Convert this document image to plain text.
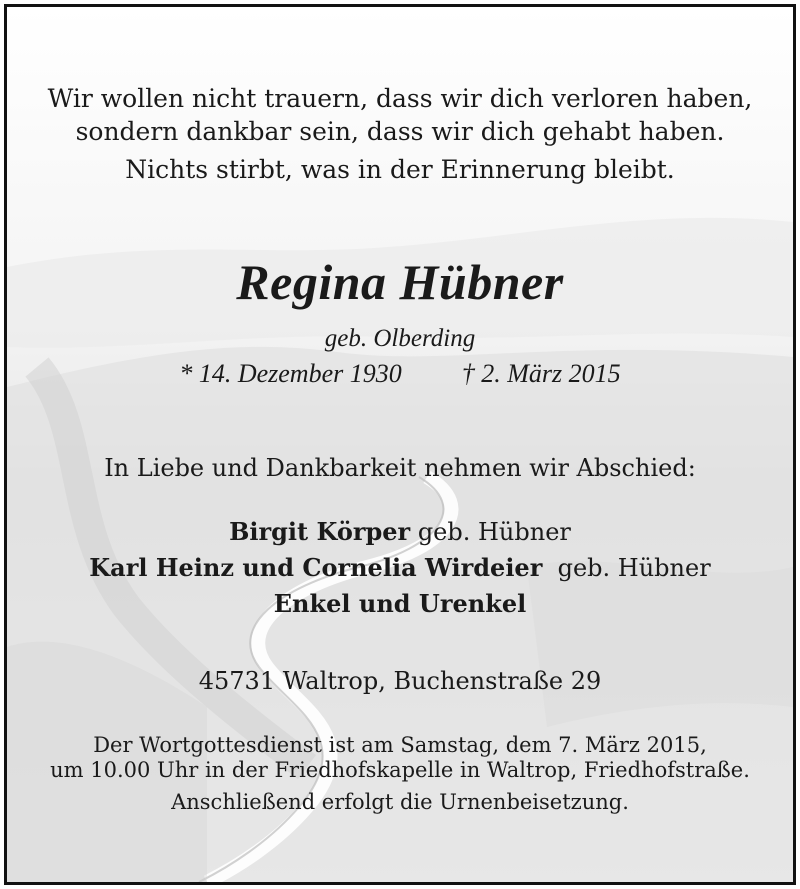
Wir wollen nicht trauern, dass wir dich verloren haben,
sondern dankbar sein, dass wir dich gehabt haben.
Nichts stirbt, was in der Erinnerung bleibt.
Regina Hübner
geb. Olberding
* 14. Dezember 1930 † 2. März 2015
In Liebe und Dankbarkeit nehmen wir Abschied:
Birgit Körper geb. Hübner
Karl Heinz und Cornelia Wirdeier geb. Hübner
Enkel und Urenkel
45731 Waltrop, Buchenstraße 29
Der Wortgottesdienst ist am Samstag, dem 7. März 2015,
um 10.00 Uhr in der Friedhofskapelle in Waltrop, Friedhofstraße.
Anschließend erfolgt die Urnenbeisetzung.
